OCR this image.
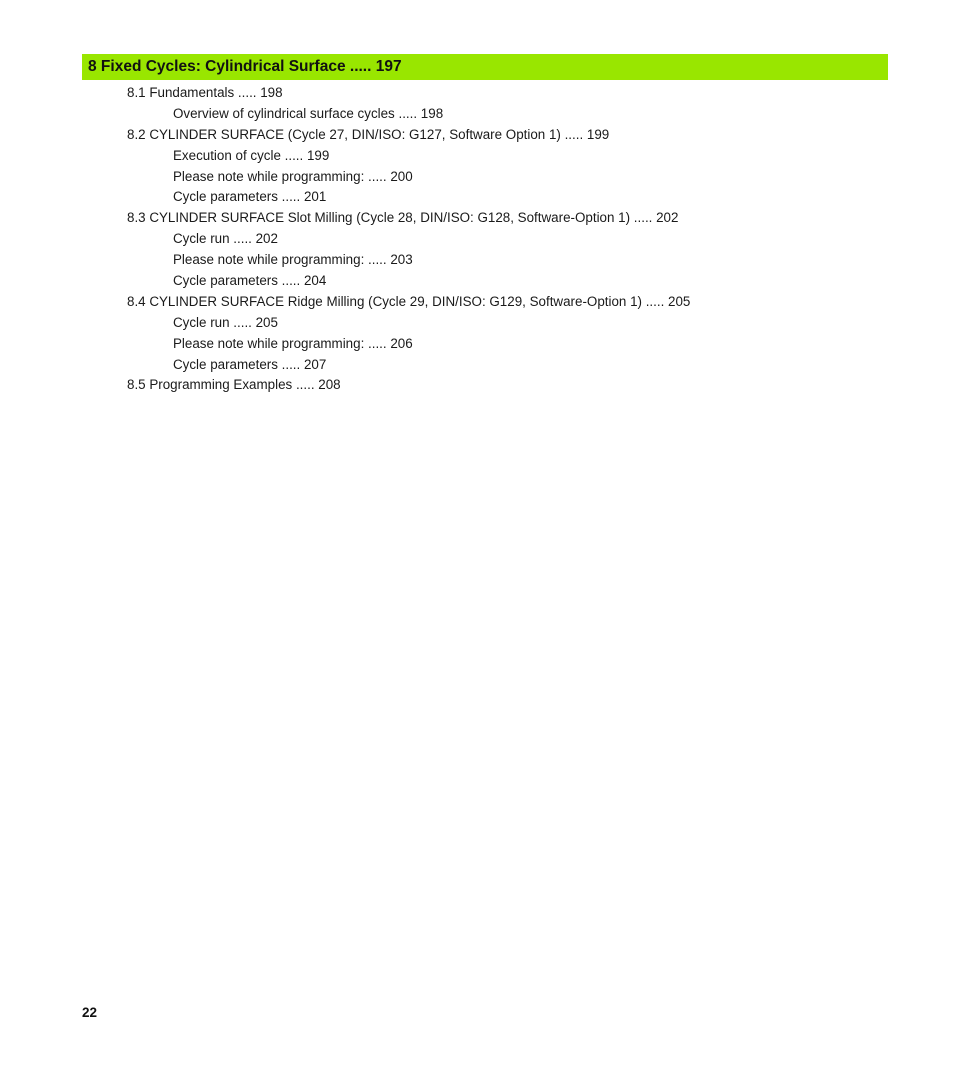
8 Fixed Cycles: Cylindrical Surface ..... 197
8.1 Fundamentals ..... 198
Overview of cylindrical surface cycles ..... 198
8.2 CYLINDER SURFACE (Cycle 27, DIN/ISO: G127, Software Option 1) ..... 199
Execution of cycle ..... 199
Please note while programming: ..... 200
Cycle parameters ..... 201
8.3 CYLINDER SURFACE Slot Milling (Cycle 28, DIN/ISO: G128, Software-Option 1) ..... 202
Cycle run ..... 202
Please note while programming: ..... 203
Cycle parameters ..... 204
8.4 CYLINDER SURFACE Ridge Milling (Cycle 29, DIN/ISO: G129, Software-Option 1) ..... 205
Cycle run ..... 205
Please note while programming: ..... 206
Cycle parameters ..... 207
8.5 Programming Examples ..... 208
22
